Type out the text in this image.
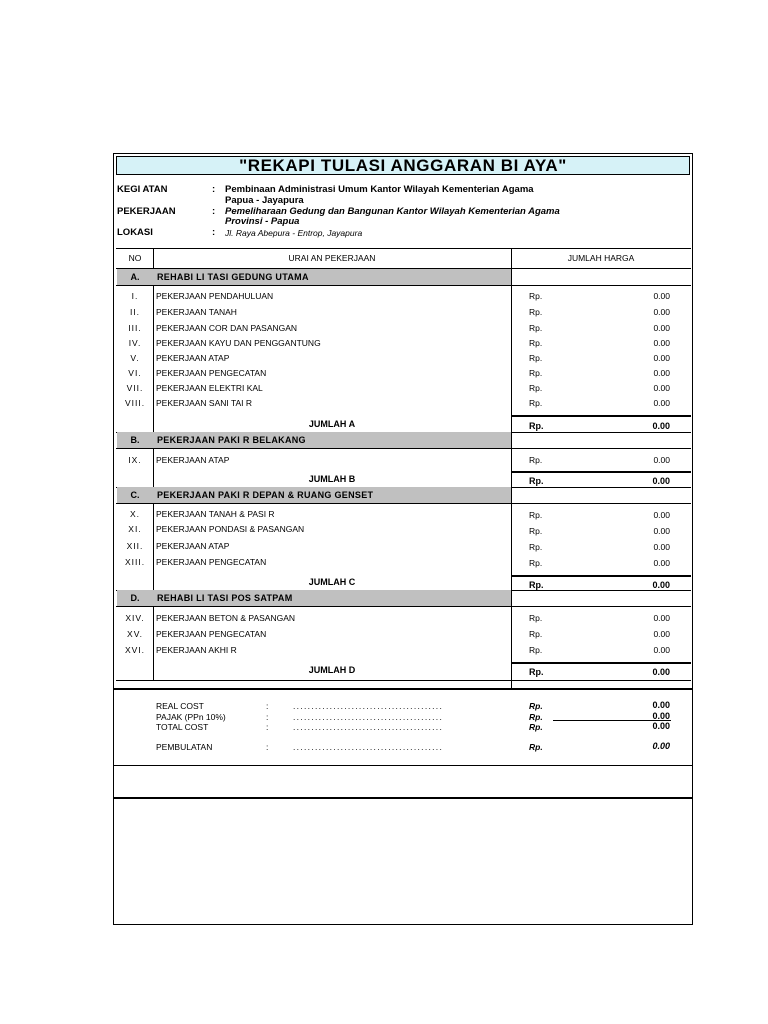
"REKAPI TULASI ANGGARAN BI AYA"
KEGI ATAN	: Pembinaan Administrasi Umum Kantor Wilayah Kementerian Agama
Papua - Jayapura
PEKERJAAN	: Pemeliharaan Gedung dan Bangunan Kantor Wilayah Kementerian Agama
Provinsi - Papua
LOKASI	: Jl. Raya Abepura - Entrop, Jayapura
NO	URAI AN PEKERJAAN	JUMLAH HARGA
A.	REHABI LI TASI GEDUNG UTAMA
I.	PEKERJAAN PENDAHULUAN	Rp.	0.00
II.	PEKERJAAN TANAH	Rp.	0.00
III.	PEKERJAAN COR DAN PASANGAN	Rp.	0.00
IV.	PEKERJAAN KAYU DAN PENGGANTUNG	Rp.	0.00
V.	PEKERJAAN ATAP	Rp.	0.00
VI.	PEKERJAAN PENGECATAN	Rp.	0.00
VII.	PEKERJAAN ELEKTRI KAL	Rp.	0.00
VIII.	PEKERJAAN SANI TAI R	Rp.	0.00
JUMLAH A	Rp.	0.00
B.	PEKERJAAN PAKI R BELAKANG
IX.	PEKERJAAN ATAP	Rp.	0.00
JUMLAH B	Rp.	0.00
C.	PEKERJAAN PAKI R DEPAN & RUANG GENSET
X.	PEKERJAAN TANAH & PASI R	Rp.	0.00
XI.	PEKERJAAN PONDASI & PASANGAN	Rp.	0.00
XII.	PEKERJAAN ATAP	Rp.	0.00
XIII.	PEKERJAAN PENGECATAN	Rp.	0.00
JUMLAH C	Rp.	0.00
D.	REHABI LI TASI POS SATPAM
XIV.	PEKERJAAN BETON & PASANGAN	Rp.	0.00
XV.	PEKERJAAN PENGECATAN	Rp.	0.00
XVI.	PEKERJAAN AKHI R	Rp.	0.00
JUMLAH D	Rp.	0.00
REAL COST	:	.........................................	Rp.	0.00
PAJAK (PPn 10%)	:	.........................................	Rp.	0.00
TOTAL COST	:	.........................................	Rp.	0.00
PEMBULATAN	:	.........................................	Rp.	0.00
